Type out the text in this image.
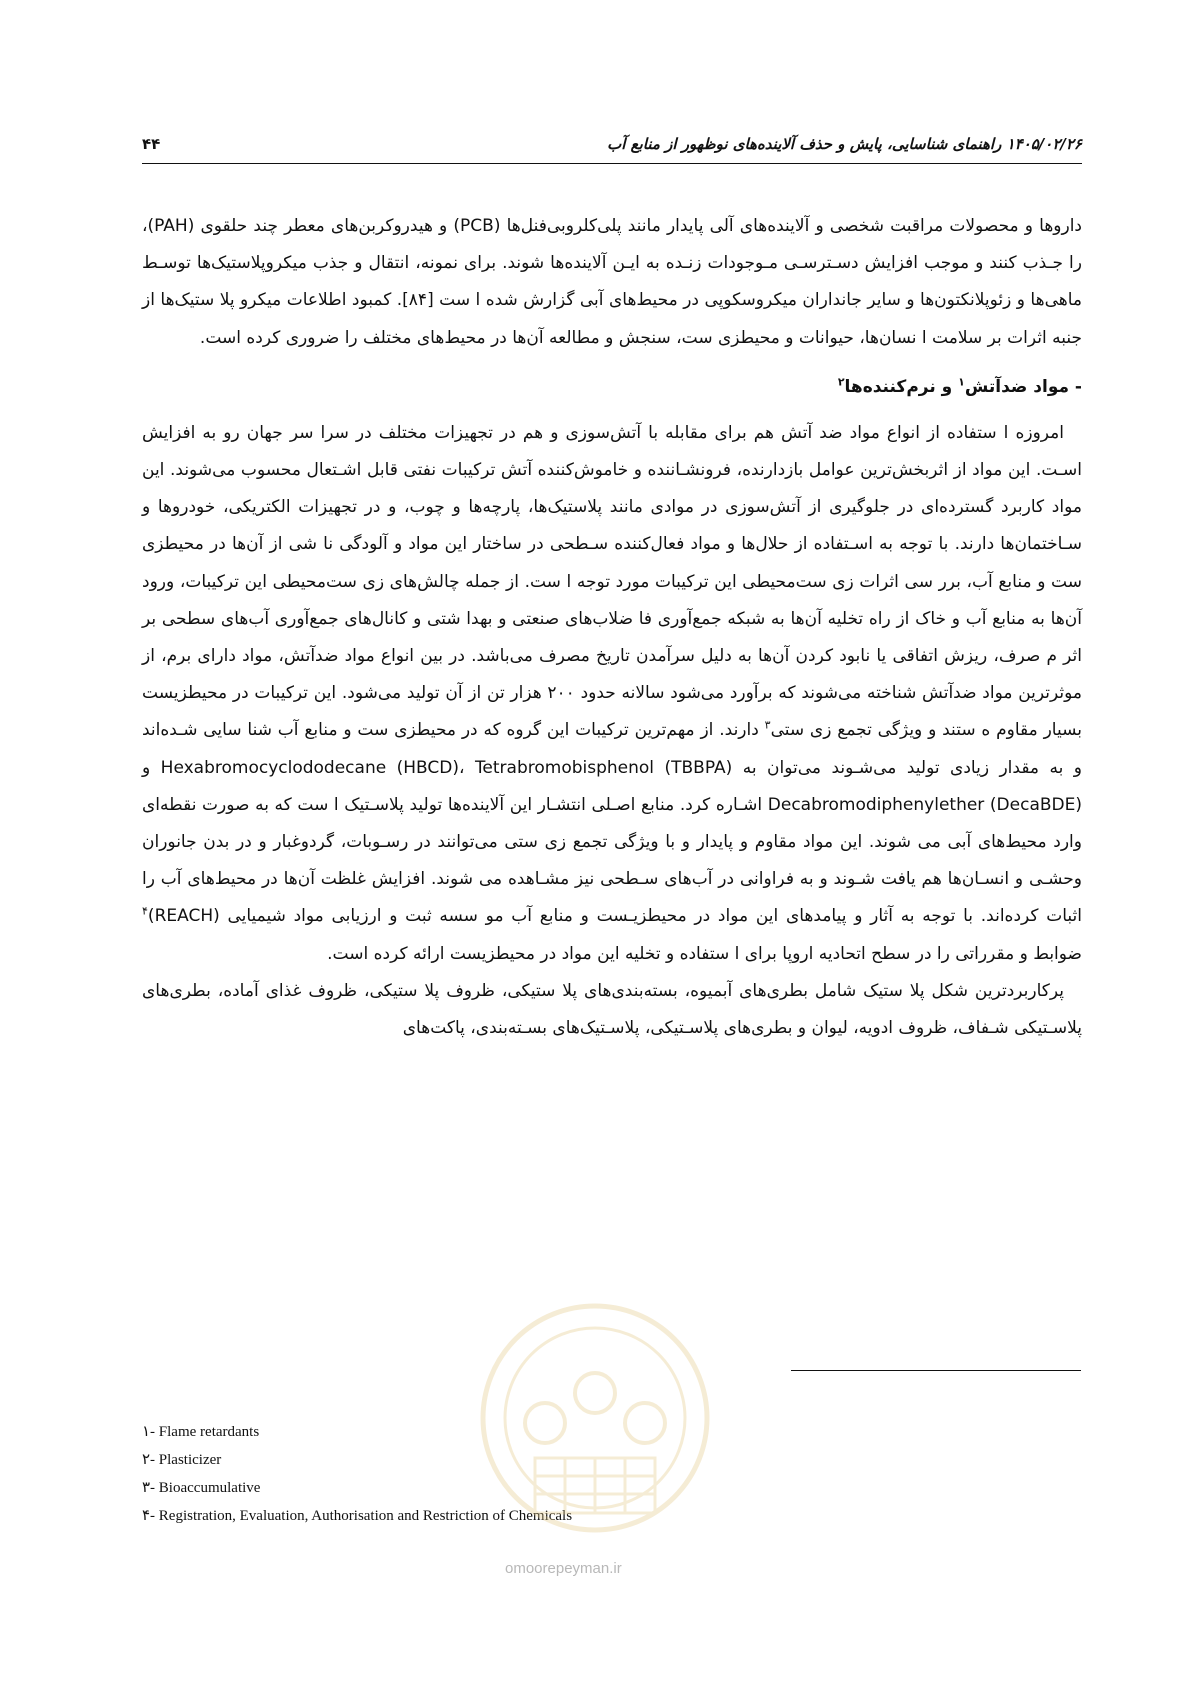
۴۴	۱۴۰۵/۰۲/۲۶ راهنمای شناسایی، پایش و حذف آلاینده‌های نوظهور از منابع آب

داروها و محصولات مراقبت شخصی و آلاینده‌های آلی پایدار مانند پلی‌کلروبی‌فنل‌ها (PCB) و هیدروکربن‌های معطر چند حلقوی (PAH)، را جـذب کنند و موجب افزایش دسـترسـی مـوجودات زنـده به ایـن آلاینده‌ها شوند. برای نمونه، انتقال و جذب میکروپلاستیک‌ها توسـط ماهی‌ها و زئوپلانکتون‌ها و سایر جانداران میکروسکوپی در محیط‌های آبی گزارش شده ا ست [۸۴]. کمبود اطلاعات میکرو پلا ستیک‌ها از جنبه اثرات بر سلامت ا نسان‌ها، حیوانات و محیطزی ست، سنجش و مطالعه آن‌ها در محیط‌های مختلف را ضروری کرده است.

- مواد ضدآتش$^۱$ و نرم‌کننده‌ها$^۲$

امروزه ا ستفاده از انواع مواد ضد آتش هم برای مقابله با آتش‌سوزی و هم در تجهیزات مختلف در سرا سر جهان رو به افزایش اسـت. این مواد از اثربخش‌ترین عوامل بازدارنده، فرونشـاننده و خاموش‌کننده آتش ترکیبات نفتی قابل اشـتعال محسوب می‌شوند. این مواد کاربرد گسترده‌ای در جلوگیری از آتش‌سوزی در موادی مانند پلاستیک‌ها، پارچه‌ها و چوب، و در تجهیزات الکتریکی، خودروها و سـاختمان‌ها دارند. با توجه به اسـتفاده از حلال‌ها و مواد فعال‌کننده سـطحی در ساختار این مواد و آلودگی نا شی از آن‌ها در محیطزی ست و منابع آب، برر سی اثرات زی ست‌محیطی این ترکیبات مورد توجه ا ست. از جمله چالش‌های زی ست‌محیطی این ترکیبات، ورود آن‌ها به منابع آب و خاک از راه تخلیه آن‌ها به شبکه جمع‌آوری فا ضلاب‌های صنعتی و بهدا شتی و کانال‌های جمع‌آوری آب‌های سطحی بر اثر م صرف، ریزش اتفاقی یا نابود کردن آن‌ها به دلیل سرآمدن تاریخ مصرف می‌باشد. در بین انواع مواد ضدآتش، مواد دارای برم، از موثرترین مواد ضدآتش شناخته می‌شوند که برآورد می‌شود سالانه حدود ۲۰۰ هزار تن از آن تولید می‌شود. این ترکیبات در محیطزیست بسیار مقاوم ه ستند و ویژگی تجمع زی ستی$^۳$ دارند. از مهم‌ترین ترکیبات این گروه که در محیطزی ست و منابع آب شنا سایی شـده‌اند و به مقدار زیادی تولید می‌شـوند می‌توان به Hexabromocyclododecane (HBCD)، Tetrabromobisphenol (TBBPA) و Decabromodiphenylether (DecaBDE) اشـاره کرد. منابع اصـلی انتشـار این آلاینده‌ها تولید پلاسـتیک ا ست که به صورت نقطه‌ای وارد محیط‌های آبی می شوند. این مواد مقاوم و پایدار و با ویژگی تجمع زی ستی می‌توانند در رسـوبات، گردوغبار و در بدن جانوران وحشـی و انسـان‌ها هم یافت شـوند و به فراوانی در آب‌های سـطحی نیز مشـاهده می شوند. افزایش غلظت آن‌ها در محیط‌های آب را اثبات کرده‌اند. با توجه به آثار و پیامدهای این مواد در محیطزیـست و منابع آب مو سسه ثبت و ارزیابی مواد شیمیایی (REACH)$^۴$ ضوابط و مقرراتی را در سطح اتحادیه اروپا برای ا ستفاده و تخلیه این مواد در محیطزیست ارائه کرده است.

پرکاربردترین شکل پلا ستیک شامل بطری‌های آبمیوه، بسته‌بندی‌های پلا ستیکی، ظروف پلا ستیکی، ظروف غذای آماده، بطری‌های پلاسـتیکی شـفاف، ظروف ادویه، لیوان و بطری‌های پلاسـتیکی، پلاسـتیک‌های بسـته‌بندی، پاکت‌های

۱- Flame retardants
۲- Plasticizer
۳- Bioaccumulative
۴- Registration, Evaluation, Authorisation and Restriction of Chemicals
omoorepeyman.ir
